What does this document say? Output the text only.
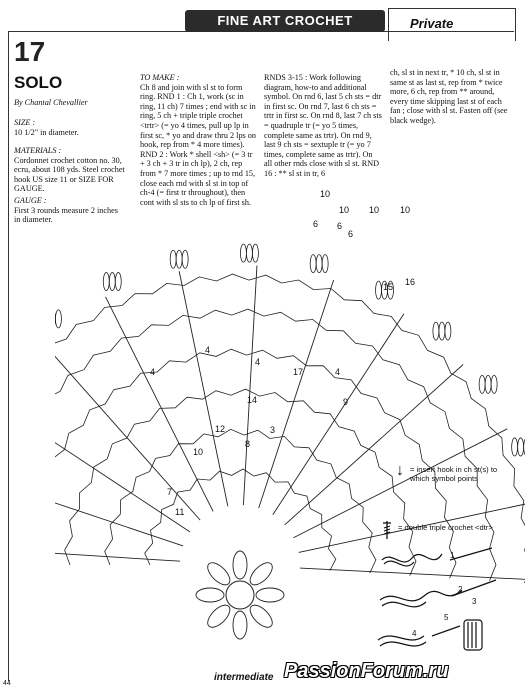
FINE ART CROCHET	Private
17
SOLO
By Chantal Chevallier
SIZE :
10 1/2" in diameter.
MATERIALS :
Cordonnet crochet cotton no. 30, ecru, about 108 yds. Steel crochet hook US size 11 or SIZE FOR GAUGE.
GAUGE :
First 3 rounds measure 2 inches in diameter.
TO MAKE :
Ch 8 and join with sl st to form ring. RND 1 : Ch 1, work (sc in ring, 11 ch) 7 times ; end with sc in ring, 5 ch + triple triple crochet <trtr> (= yo 4 times, pull up lp in first sc, * yo and draw thru 2 lps on hook, rep from * 4 more times). RND 2 : Work * shell <sh> (= 3 tr + 3 ch + 3 tr in ch lp), 2 ch, rep from * 7 more times ; up to rnd 15, close each rnd with sl st in top of ch-4 (= first tr throughout), then cont with sl sts to ch lp of first sh.
RNDS 3-15 : Work following diagram, how-to and additional symbol. On rnd 6, last 5 ch sts = dtr in first sc. On rnd 7, last 6 ch sts = trtr in first sc. On rnd 8, last 7 ch sts = quadruple tr (= yo 5 times, complete same as trtr). On rnd 9, last 9 ch sts = sextuple tr (= yo 7 times, complete same as trtr). On all other rnds close with sl st. RND 16 : ** sl st in tr, 6
ch, sl st in next tr, * 10 ch, sl st in same st as last st, rep from * twice more, 6 ch, rep from ** around, every time skipping last st of each fan ; close with sl st. Fasten off (see black wedge).
10
10 10 10
6 6
6
15 16
4
4	4
4
17
9
14
12
8
3
10
7
11
↓ = insert hook in ch st(s) to which symbol points
= double triple crochet <dtr>
1
2
3
4
5
44
intermediate PassionForum.ru
